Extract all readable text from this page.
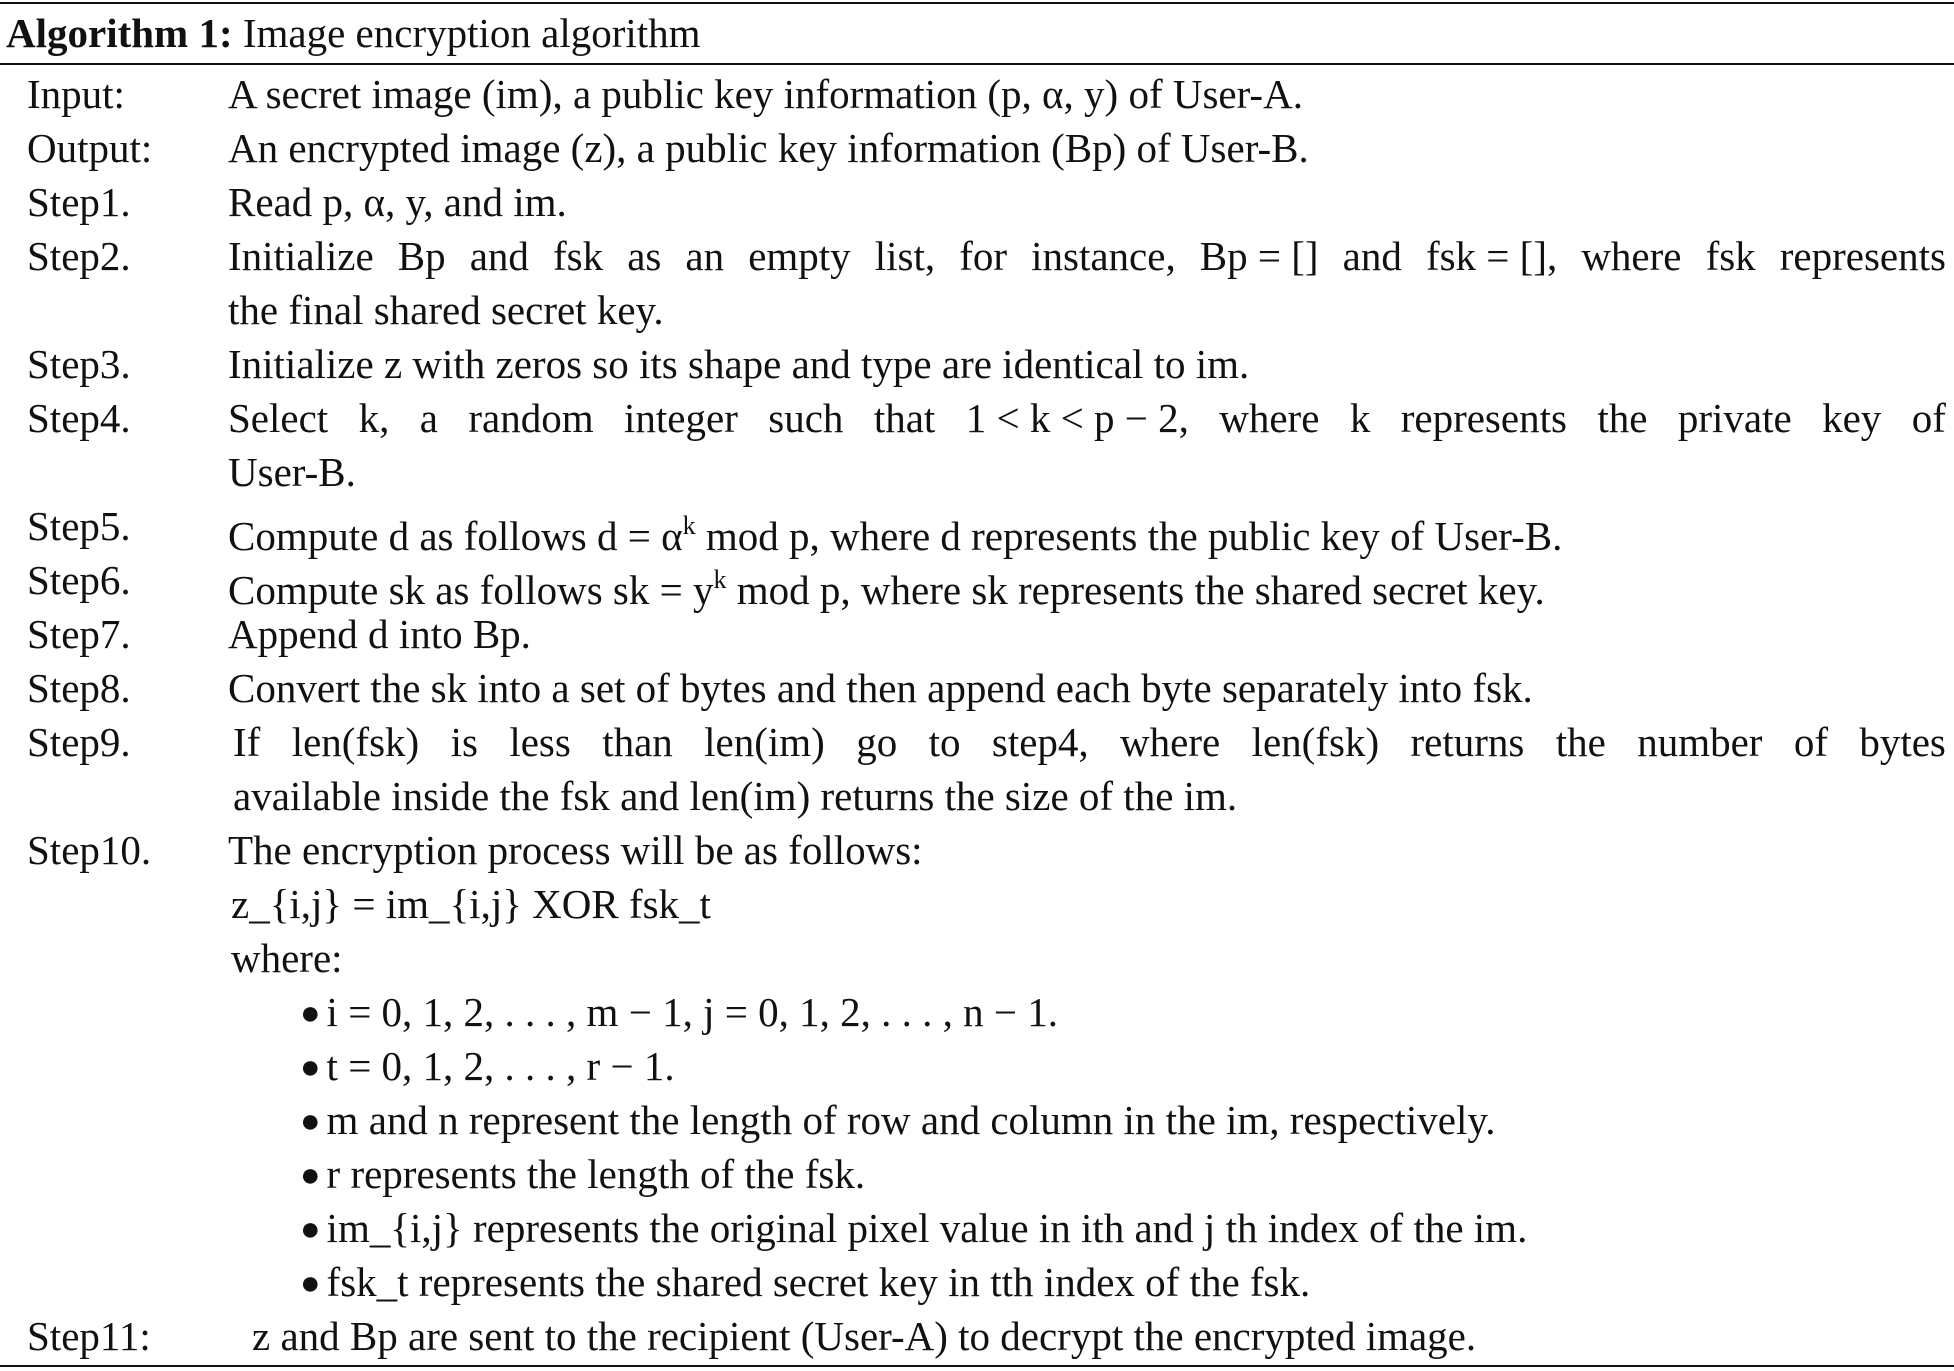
Algorithm 1: Image encryption algorithm
Input:	A secret image (im), a public key information (p, α, y) of User-A.
Output: An encrypted image (z), a public key information (Bp) of User-B.
Step1. Read p, α, y, and im.
Step2. Initialize Bp and fsk as an empty list, for instance, Bp = [] and fsk = [], where fsk represents
the final shared secret key.
Step3. Initialize z with zeros so its shape and type are identical to im.
Step4. Select k, a random integer such that 1 < k < p − 2, where k represents the private key of
User-B.
Step5. Compute d as follows $d = \alpha^k$ mod p, where d represents the public key of User-B.
Step6. Compute sk as follows sk = $y^k$ mod p, where sk represents the shared secret key.
Step7. Append d into Bp.
Step8. Convert the sk into a set of bytes and then append each byte separately into fsk.
Step9. If len(fsk) is less than len(im) go to step4, where len(fsk) returns the number of bytes
available inside the fsk and len(im) returns the size of the im.
Step10. The encryption process will be as follows:
z_{i,j} = im_{i,j} XOR fsk_t
where:
● i = 0, 1, 2, . . . , m − 1, j = 0, 1, 2, . . . , n − 1.
● t = 0, 1, 2, . . . , r − 1.
● m and n represent the length of row and column in the im, respectively.
● r represents the length of the fsk.
● im_{i,j} represents the original pixel value in ith and j th index of the im.
● fsk_t represents the shared secret key in tth index of the fsk.
Step11: z and Bp are sent to the recipient (User-A) to decrypt the encrypted image.
